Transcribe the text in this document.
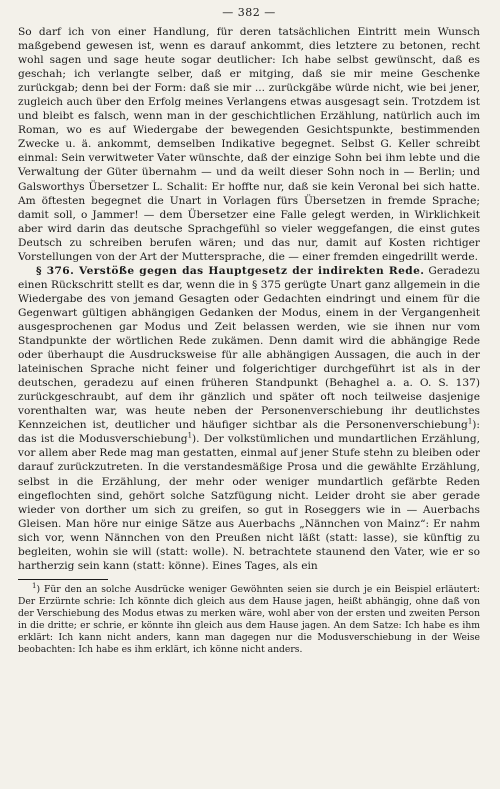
— 382 —

So darf ich von einer Handlung, für deren tatsächlichen Eintritt mein Wunsch maßgebend gewesen ist, wenn es darauf ankommt, dies letztere zu betonen, recht wohl sagen und sage heute sogar deutlicher: Ich habe selbst gewünscht, daß es geschah; ich verlangte selber, daß er mitging, daß sie mir meine Geschenke zurückgab; denn bei der Form: daß sie mir ... zurückgäbe würde nicht, wie bei jener, zugleich auch über den Erfolg meines Verlangens etwas ausgesagt sein. Trotzdem ist und bleibt es falsch, wenn man in der geschichtlichen Erzählung, natürlich auch im Roman, wo es auf Wiedergabe der bewegenden Gesichtspunkte, bestimmenden Zwecke u. ä. ankommt, demselben Indikative begegnet. Selbst G. Keller schreibt einmal: Sein verwitweter Vater wünschte, daß der einzige Sohn bei ihm lebte und die Verwaltung der Güter übernahm — und da weilt dieser Sohn noch in — Berlin; und Galsworthys Übersetzer L. Schalit: Er hoffte nur, daß sie kein Veronal bei sich hatte. Am öftesten begegnet die Unart in Vorlagen fürs Übersetzen in fremde Sprache; damit soll, o Jammer! — dem Übersetzer eine Falle gelegt werden, in Wirklichkeit aber wird darin das deutsche Sprachgefühl so vieler weggefangen, die einst gutes Deutsch zu schreiben berufen wären; und das nur, damit auf Kosten richtiger Vorstellungen von der Art der Muttersprache, die — einer fremden eingedrillt werde.

§ 376. Verstöße gegen das Hauptgesetz der indirekten Rede. Geradezu einen Rückschritt stellt es dar, wenn die in § 375 gerügte Unart ganz allgemein in die Wiedergabe des von jemand Gesagten oder Gedachten eindringt und einem für die Gegenwart gültigen abhängigen Gedanken der Modus, einem in der Vergangenheit ausgesprochenen gar Modus und Zeit belassen werden, wie sie ihnen nur vom Standpunkte der wörtlichen Rede zukämen. Denn damit wird die abhängige Rede oder überhaupt die Ausdrucksweise für alle abhängigen Aussagen, die auch in der lateinischen Sprache nicht feiner und folgerichtiger durchgeführt ist als in der deutschen, geradezu auf einen früheren Standpunkt (Behaghel a. a. O. S. 137) zurückgeschraubt, auf dem ihr gänzlich und später oft noch teilweise dasjenige vorenthalten war, was heute neben der Personenverschiebung ihr deutlichstes Kennzeichen ist, deutlicher und häufiger sichtbar als die Personenverschiebung$^1$): das ist die Modusverschiebung$^1$). Der volkstümlichen und mundartlichen Erzählung, vor allem aber Rede mag man gestatten, einmal auf jener Stufe stehn zu bleiben oder darauf zurückzutreten. In die verstandesmäßige Prosa und die gewählte Erzählung, selbst in die Erzählung, der mehr oder weniger mundartlich gefärbte Reden eingeflochten sind, gehört solche Satzfügung nicht. Leider droht sie aber gerade wieder von dorther um sich zu greifen, so gut in Roseggers wie in — Auerbachs Gleisen. Man höre nur einige Sätze aus Auerbachs „Nännchen von Mainz“: Er nahm sich vor, wenn Nännchen von den Preußen nicht läßt (statt: lasse), sie künftig zu begleiten, wohin sie will (statt: wolle). N. betrachtete staunend den Vater, wie er so hartherzig sein kann (statt: könne). Eines Tages, als ein

$^1$) Für den an solche Ausdrücke weniger Gewöhnten seien sie durch je ein Beispiel erläutert: Der Erzürnte schrie: Ich könnte dich gleich aus dem Hause jagen, heißt abhängig, ohne daß von der Verschiebung des Modus etwas zu merken wäre, wohl aber von der ersten und zweiten Person in die dritte; er schrie, er könnte ihn gleich aus dem Hause jagen. An dem Satze: Ich habe es ihm erklärt: Ich kann nicht anders, kann man dagegen nur die Modusverschiebung in der Weise beobachten: Ich habe es ihm erklärt, ich könne nicht anders.
